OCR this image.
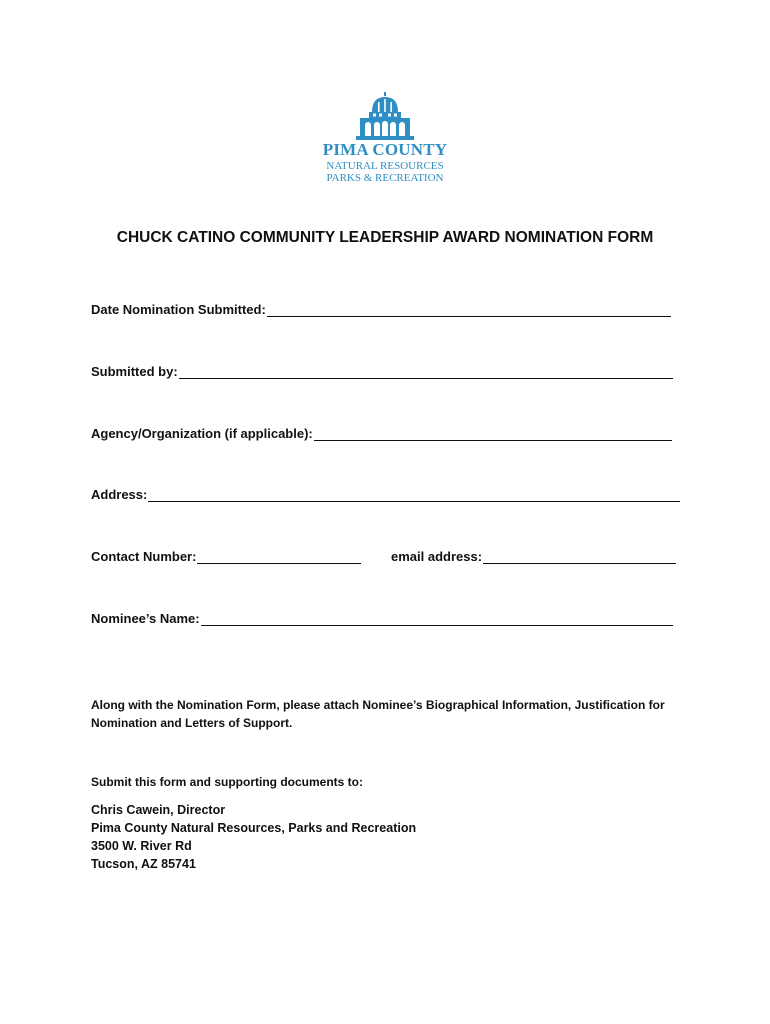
PIMA COUNTY
NATURAL RESOURCES
PARKS & RECREATION
CHUCK CATINO COMMUNITY LEADERSHIP AWARD NOMINATION FORM
Date Nomination Submitted:
Submitted by:
Agency/Organization (if applicable):
Address:
Contact Number:	email address:
Nominee’s Name:
Along with the Nomination Form, please attach Nominee’s Biographical Information, Justification for
Nomination and Letters of Support.
Submit this form and supporting documents to:
Chris Cawein, Director
Pima County Natural Resources, Parks and Recreation
3500 W. River Rd
Tucson, AZ 85741
